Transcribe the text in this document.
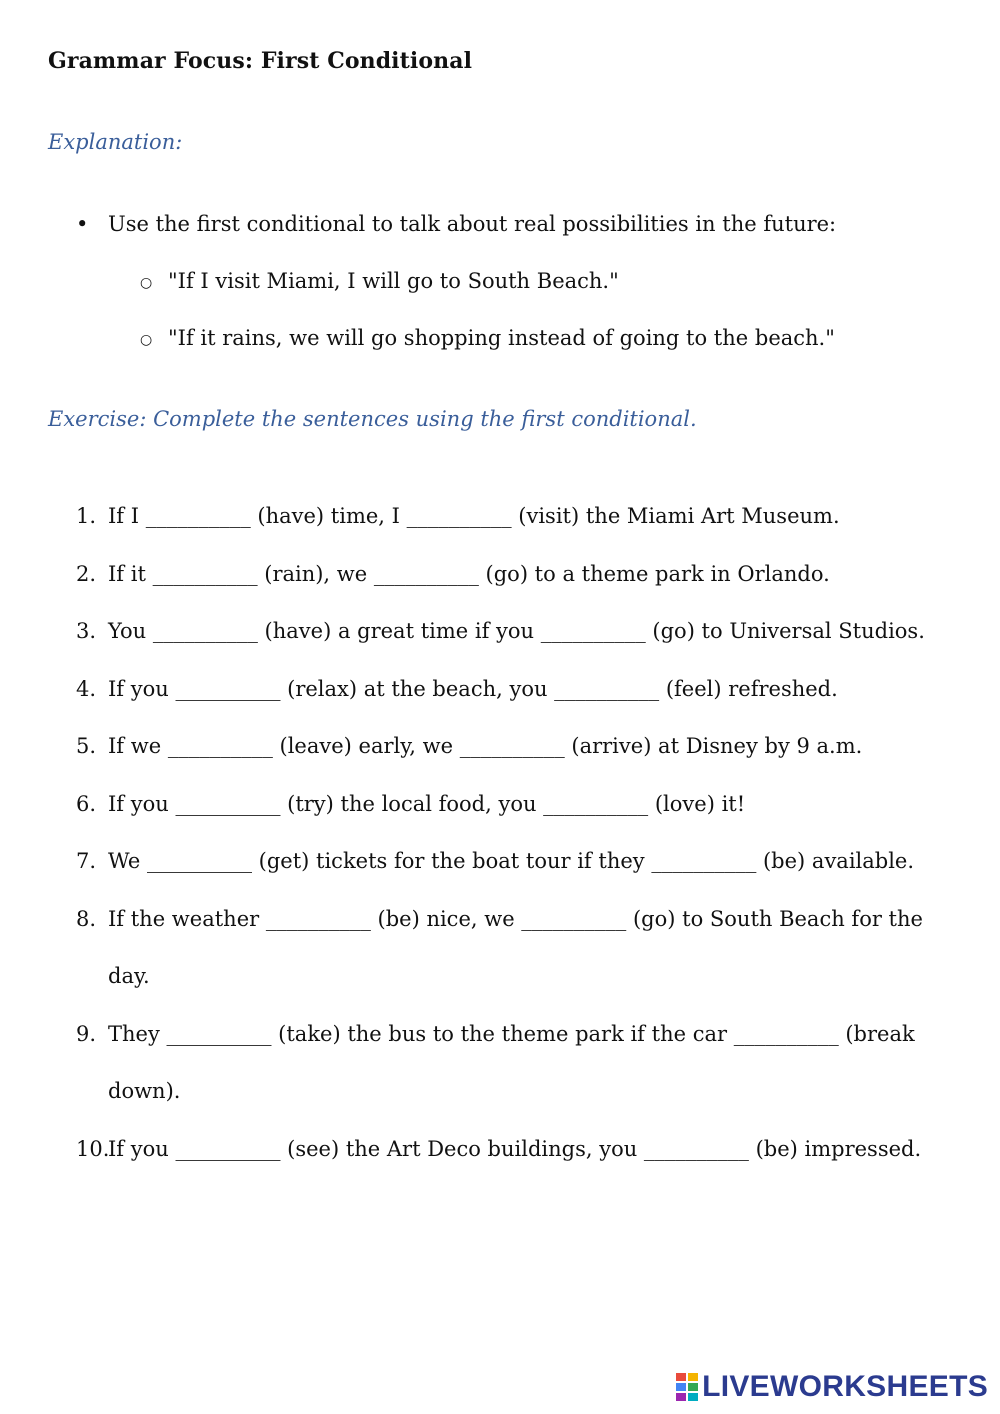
Grammar Focus: First Conditional
Explanation:
• Use the first conditional to talk about real possibilities in the future:
○ "If I visit Miami, I will go to South Beach."
○ "If it rains, we will go shopping instead of going to the beach."
Exercise: Complete the sentences using the first conditional.
1. If I __________ (have) time, I __________ (visit) the Miami Art Museum.
2. If it __________ (rain), we __________ (go) to a theme park in Orlando.
3. You __________ (have) a great time if you __________ (go) to Universal Studios.
4. If you __________ (relax) at the beach, you __________ (feel) refreshed.
5. If we __________ (leave) early, we __________ (arrive) at Disney by 9 a.m.
6. If you __________ (try) the local food, you __________ (love) it!
7. We __________ (get) tickets for the boat tour if they __________ (be) available.
8. If the weather __________ (be) nice, we __________ (go) to South Beach for the day.
9. They __________ (take) the bus to the theme park if the car __________ (break down).
10.
If you __________ (see) the Art Deco buildings, you __________ (be) impressed.
LIVEWORKSHEETS
